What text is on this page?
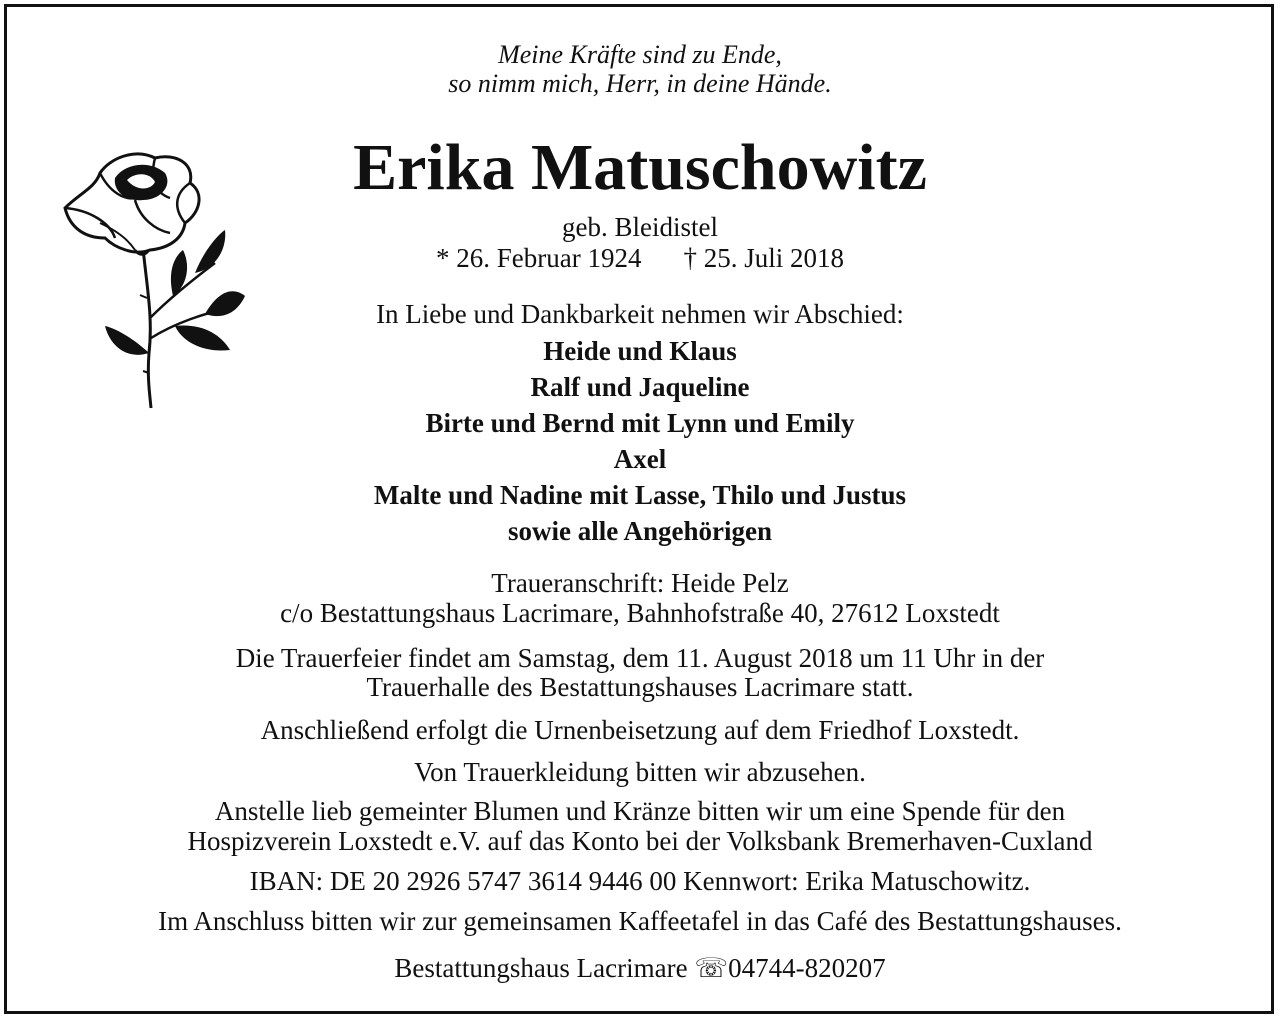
Meine Kräfte sind zu Ende,
so nimm mich, Herr, in deine Hände.
Erika Matuschowitz
geb. Bleidistel
* 26. Februar 1924 † 25. Juli 2018
In Liebe und Dankbarkeit nehmen wir Abschied:
Heide und Klaus
Ralf und Jaqueline
Birte und Bernd mit Lynn und Emily
Axel
Malte und Nadine mit Lasse, Thilo und Justus
sowie alle Angehörigen
Traueranschrift: Heide Pelz
c/o Bestattungshaus Lacrimare, Bahnhofstraße 40, 27612 Loxstedt
Die Trauerfeier findet am Samstag, dem 11. August 2018 um 11 Uhr in der
Trauerhalle des Bestattungshauses Lacrimare statt.
Anschließend erfolgt die Urnenbeisetzung auf dem Friedhof Loxstedt.
Von Trauerkleidung bitten wir abzusehen.
Anstelle lieb gemeinter Blumen und Kränze bitten wir um eine Spende für den
Hospizverein Loxstedt e.V. auf das Konto bei der Volksbank Bremerhaven-Cuxland
IBAN: DE 20 2926 5747 3614 9446 00 Kennwort: Erika Matuschowitz.
Im Anschluss bitten wir zur gemeinsamen Kaffeetafel in das Café des Bestattungshauses.
Bestattungshaus Lacrimare ☏04744-820207
